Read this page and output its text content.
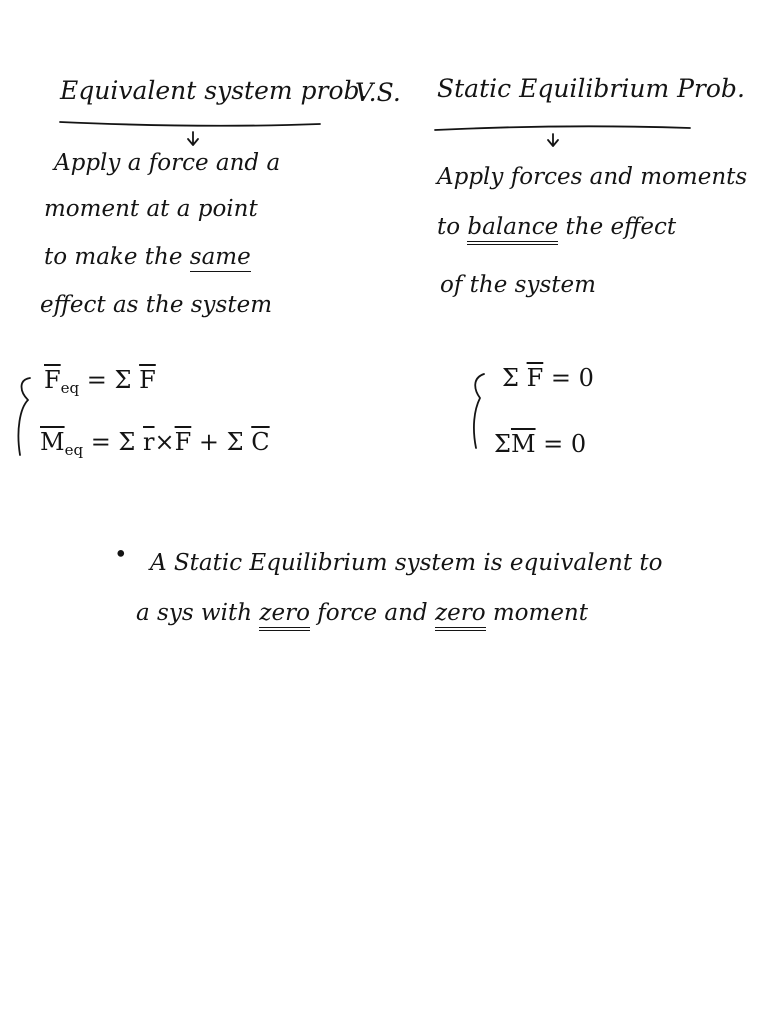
Equivalent system prob.
V.S. Static Equilibrium Prob.
Apply a force and a
moment at a point
to make the same
effect as the system
Apply forces and moments
to balance the effect
of the system
$\overline{F}_{eq} = \Sigma$ $\overline{F}$
$\overline{M}_{eq} = \Sigma$ $\overline{r}\times\overline{F} + \Sigma$ $\overline{C}$
Σ $\overline{F} = 0$
$\Sigma\overline{M} = 0$
• A Static Equilibrium system is equivalent to
a sys with zero force and zero moment
